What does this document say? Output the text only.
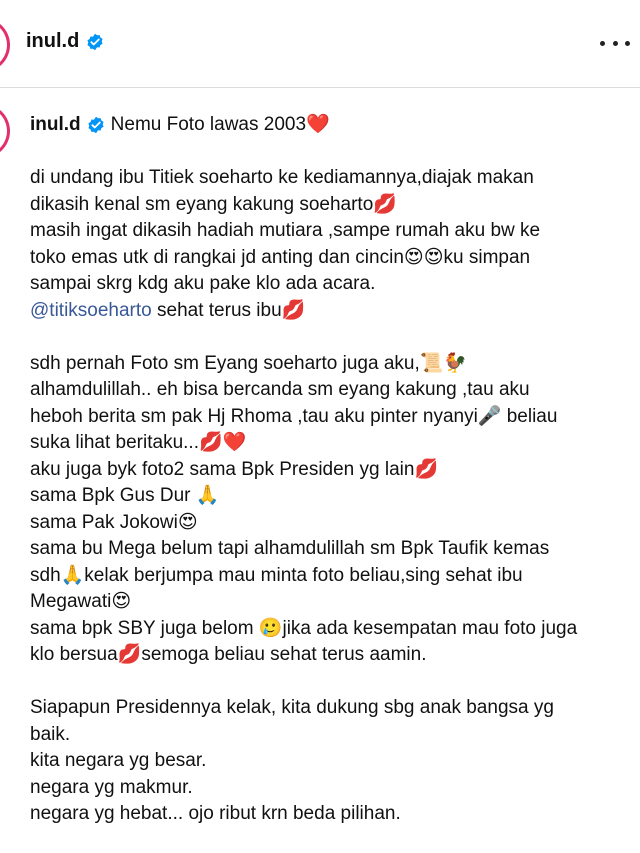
inul.d
inul.d Nemu Foto lawas 2003❤️
di undang ibu Titiek soeharto ke kediamannya,diajak makan
dikasih kenal sm eyang kakung soeharto💋
masih ingat dikasih hadiah mutiara ,sampe rumah aku bw ke
toko emas utk di rangkai jd anting dan cincin😍😍ku simpan
sampai skrg kdg aku pake klo ada acara.
@titiksoeharto sehat terus ibu💋
sdh pernah Foto sm Eyang soeharto juga aku,📜🐓
alhamdulillah.. eh bisa bercanda sm eyang kakung ,tau aku
heboh berita sm pak Hj Rhoma ,tau aku pinter nyanyi🎤 beliau
suka lihat beritaku...💋❤️
aku juga byk foto2 sama Bpk Presiden yg lain💋
sama Bpk Gus Dur 🙏
sama Pak Jokowi😍
sama bu Mega belum tapi alhamdulillah sm Bpk Taufik kemas
sdh🙏kelak berjumpa mau minta foto beliau,sing sehat ibu
Megawati😍
sama bpk SBY juga belom 🥲jika ada kesempatan mau foto juga
klo bersua💋semoga beliau sehat terus aamin.
Siapapun Presidennya kelak, kita dukung sbg anak bangsa yg
baik.
kita negara yg besar.
negara yg makmur.
negara yg hebat... ojo ribut krn beda pilihan.
